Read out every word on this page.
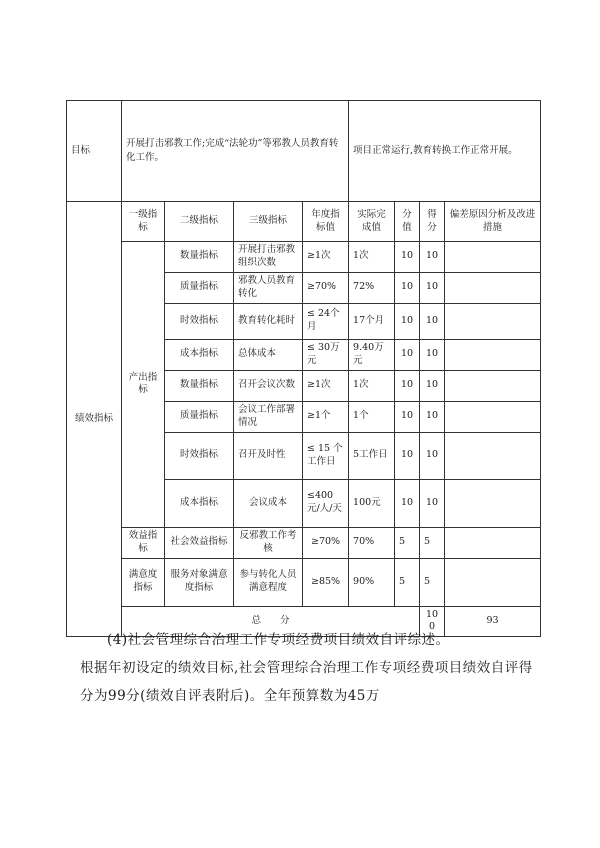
目标	开展打击邪教工作;完成“法轮功”等邪教人员教育转化工作。				项目正常运行,教育转换工作正常开展。				
绩效指标	一级指标	二级指标	三级指标	年度指标值	实际完成值	分值	得分	偏差原因分析及改进措施	
	产出指标	数量指标	开展打击邪教组织次数	≥1次	1次	10	10		
		质量指标	邪教人员教育转化	≥70%	72%	10	10		
		时效指标	教育转化耗时	≤ 24个月	17个月	10	10		
		成本指标	总体成本	≤ 30万元	9.40万元	10	10		
		数量指标	召开会议次数	≥1次	1次	10	10		
		质量指标	会议工作部署情况	≥1个	1个	10	10		
		时效指标	召开及时性	≤ 15 个 工作日	5工作日	10	10		
		成本指标	会议成本	≤400元/人/天	100元	10	10		
	效益指标	社会效益指标	反邪教工作考核	≥70%	70%	5	5		
	满意度指标	服务对象满意度指标	参与转化人员满意程度	≥85%	90%	5	5		
	总　　分						100	93	
(4)社会管理综合治理工作专项经费项目绩效自评综述。
根据年初设定的绩效目标,社会管理综合治理工作专项经费项目绩效自评得分为99分(绩效自评表附后)。全年预算数为45万
